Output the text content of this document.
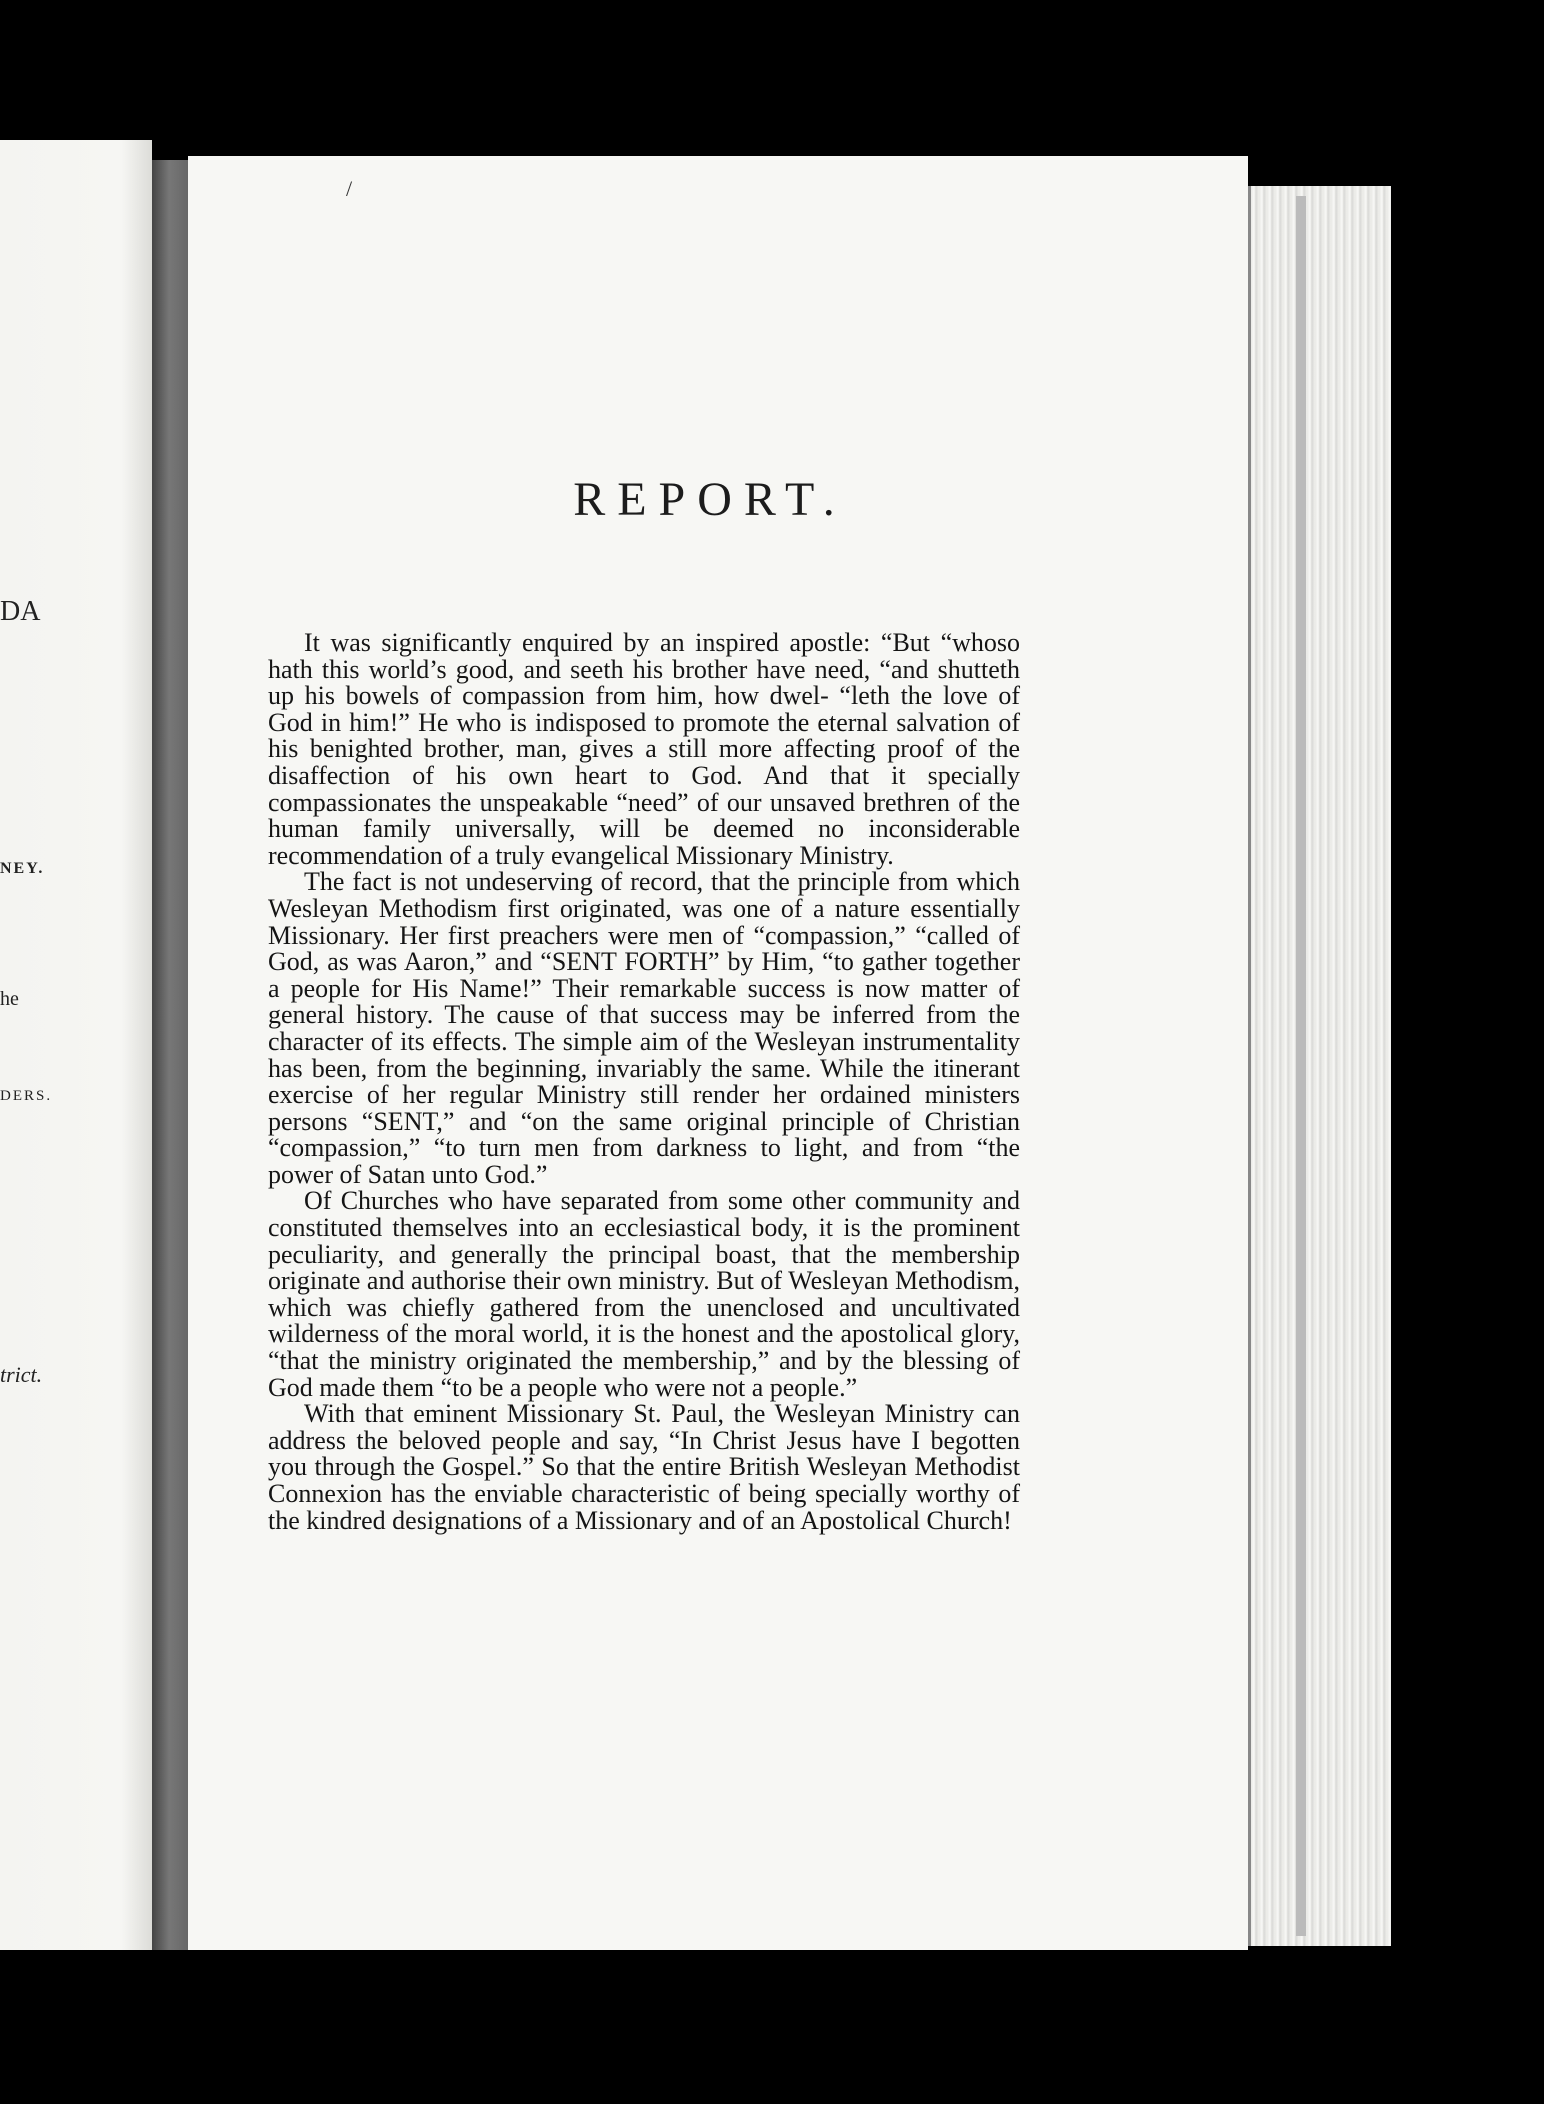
DA
NEY.
he
DERS.
trict.
/
REPORT.

It was significantly enquired by an inspired apostle: “But “whoso hath this world’s good, and seeth his brother have need, “and shutteth up his bowels of compassion from him, how dwel- “leth the love of God in him!” He who is indisposed to promote the eternal salvation of his benighted brother, man, gives a still more affecting proof of the disaffection of his own heart to God. And that it specially compassionates the unspeakable “need” of our unsaved brethren of the human family universally, will be deemed no inconsiderable recommendation of a truly evangelical Missionary Ministry.

The fact is not undeserving of record, that the principle from which Wesleyan Methodism first originated, was one of a nature essentially Missionary. Her first preachers were men of “compassion,” “called of God, as was Aaron,” and “SENT FORTH” by Him, “to gather together a people for His Name!” Their remarkable success is now matter of general history. The cause of that success may be inferred from the character of its effects. The simple aim of the Wesleyan instrumentality has been, from the beginning, invariably the same. While the itinerant exercise of her regular Ministry still render her ordained ministers persons “SENT,” and “on the same original principle of Christian “compassion,” “to turn men from darkness to light, and from “the power of Satan unto God.”

Of Churches who have separated from some other community and constituted themselves into an ecclesiastical body, it is the prominent peculiarity, and generally the principal boast, that the membership originate and authorise their own ministry. But of Wesleyan Methodism, which was chiefly gathered from the unenclosed and uncultivated wilderness of the moral world, it is the honest and the apostolical glory, “that the ministry originated the membership,” and by the blessing of God made them “to be a people who were not a people.”

With that eminent Missionary St. Paul, the Wesleyan Ministry can address the beloved people and say, “In Christ Jesus have I begotten you through the Gospel.” So that the entire British Wesleyan Methodist Connexion has the enviable characteristic of being specially worthy of the kindred designations of a Missionary and of an Apostolical Church!
